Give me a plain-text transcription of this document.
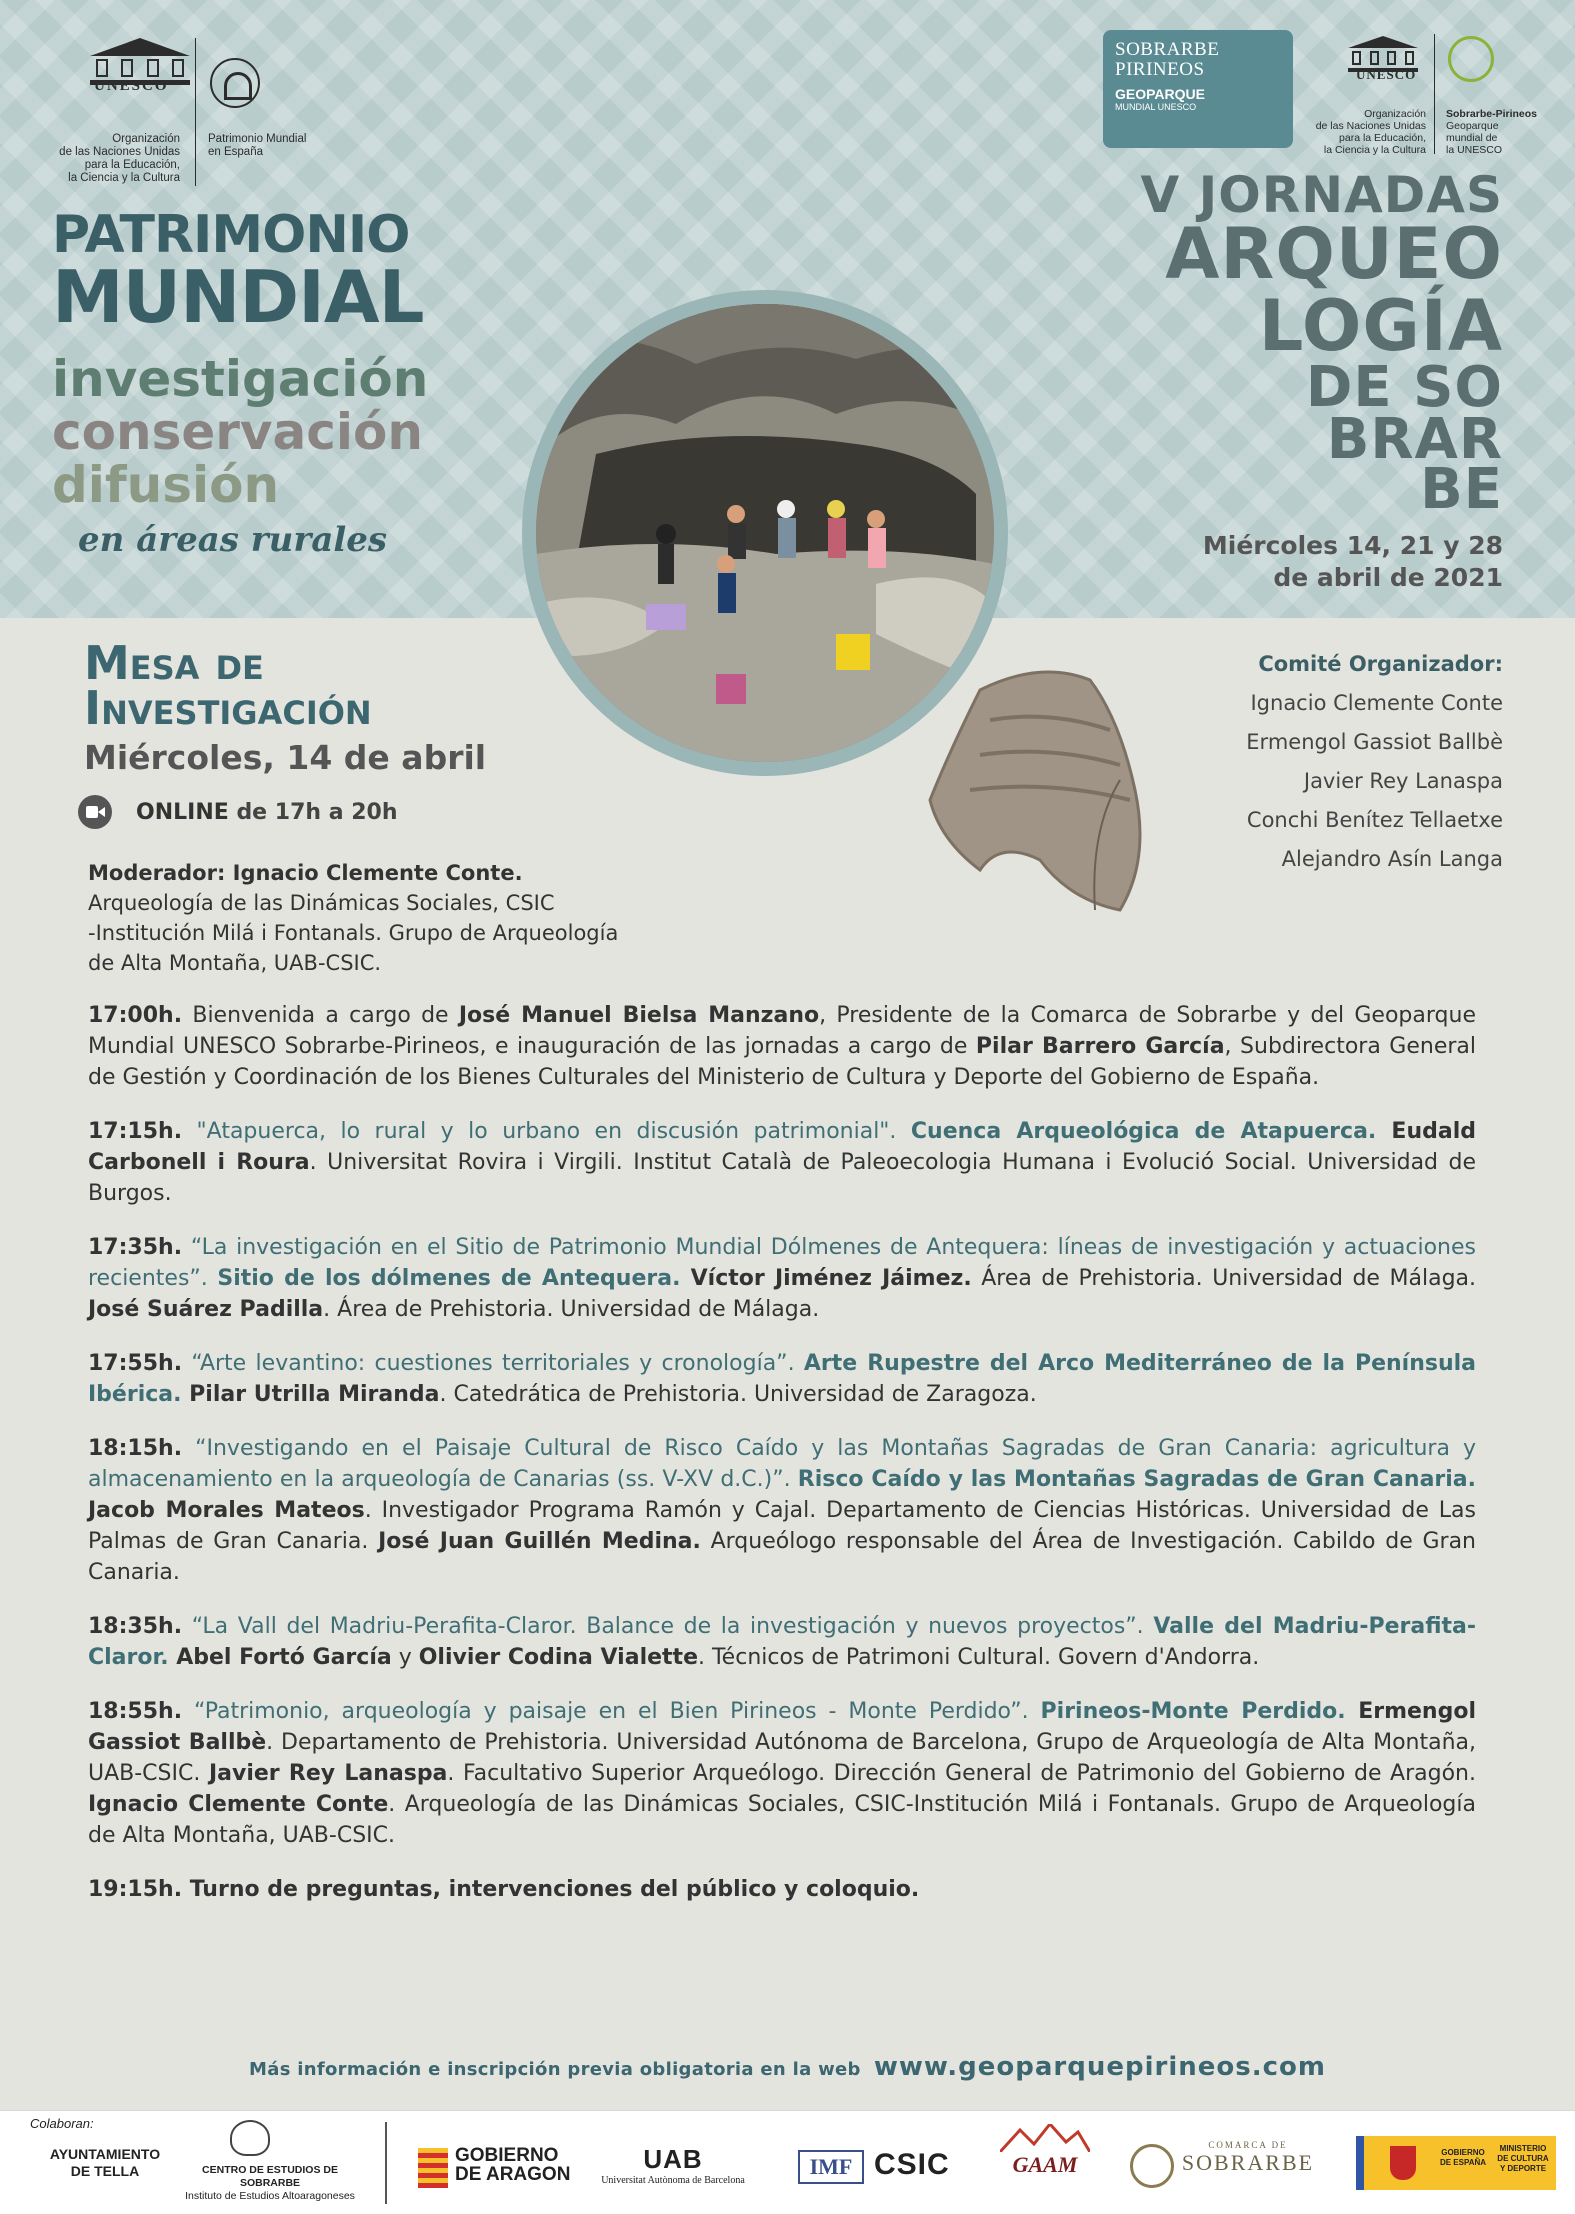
UNESCO
Organización
de las Naciones Unidas
para la Educación,
la Ciencia y la Cultura
Patrimonio Mundial
en España
PATRIMONIO
MUNDIAL
investigación
conservación
difusión
en áreas rurales
SOBRARBE
PIRINEOS
GEOPARQUE
MUNDIAL UNESCO
UNESCO
Organización
de las Naciones Unidas
para la Educación,
la Ciencia y la Cultura
Sobrarbe-Pirineos
Geoparque
mundial de
la UNESCO
V JORNADAS
ARQUEO
LOGÍA
DE SO
BRAR
BE
Miércoles 14, 21 y 28
de abril de 2021
Mesa de
Investigación
Miércoles, 14 de abril
ONLINE de 17h a 20h
Moderador: Ignacio Clemente Conte.
Arqueología de las Dinámicas Sociales, CSIC
-Institución Milá i Fontanals. Grupo de Arqueología
de Alta Montaña, UAB-CSIC.
Comité Organizador:
Ignacio Clemente Conte
Ermengol Gassiot Ballbè
Javier Rey Lanaspa
Conchi Benítez Tellaetxe
Alejandro Asín Langa

17:00h. Bienvenida a cargo de José Manuel Bielsa Manzano, Presidente de la Comarca de Sobrarbe y del Geoparque Mundial UNESCO Sobrarbe-Pirineos, e inauguración de las jornadas a cargo de Pilar Barrero García, Subdirectora General de Gestión y Coordinación de los Bienes Culturales del Ministerio de Cultura y Deporte del Gobierno de España.

17:15h. "Atapuerca, lo rural y lo urbano en discusión patrimonial". Cuenca Arqueológica de Atapuerca. Eudald Carbonell i Roura. Universitat Rovira i Virgili. Institut Català de Paleoecologia Humana i Evolució Social. Universidad de Burgos.

17:35h. “La investigación en el Sitio de Patrimonio Mundial Dólmenes de Antequera: líneas de investigación y actuaciones recientes”. Sitio de los dólmenes de Antequera. Víctor Jiménez Jáimez. Área de Prehistoria. Universidad de Málaga. José Suárez Padilla. Área de Prehistoria. Universidad de Málaga.

17:55h. “Arte levantino: cuestiones territoriales y cronología”. Arte Rupestre del Arco Mediterráneo de la Península Ibérica. Pilar Utrilla Miranda. Catedrática de Prehistoria. Universidad de Zaragoza.

18:15h. “Investigando en el Paisaje Cultural de Risco Caído y las Montañas Sagradas de Gran Canaria: agricultura y almacenamiento en la arqueología de Canarias (ss. V-XV d.C.)”. Risco Caído y las Montañas Sagradas de Gran Canaria. Jacob Morales Mateos. Investigador Programa Ramón y Cajal. Departamento de Ciencias Históricas. Universidad de Las Palmas de Gran Canaria. José Juan Guillén Medina. Arqueólogo responsable del Área de Investigación. Cabildo de Gran Canaria.

18:35h. “La Vall del Madriu-Perafita-Claror. Balance de la investigación y nuevos proyectos”. Valle del Madriu-Perafita-Claror. Abel Fortó García y Olivier Codina Vialette. Técnicos de Patrimoni Cultural. Govern d'Andorra.

18:55h. “Patrimonio, arqueología y paisaje en el Bien Pirineos - Monte Perdido”. Pirineos-Monte Perdido. Ermengol Gassiot Ballbè. Departamento de Prehistoria. Universidad Autónoma de Barcelona, Grupo de Arqueología de Alta Montaña, UAB-CSIC. Javier Rey Lanaspa. Facultativo Superior Arqueólogo. Dirección General de Patrimonio del Gobierno de Aragón. Ignacio Clemente Conte. Arqueología de las Dinámicas Sociales, CSIC-Institución Milá i Fontanals. Grupo de Arqueología de Alta Montaña, UAB-CSIC.

19:15h. Turno de preguntas, intervenciones del público y coloquio.

Más información e inscripción previa obligatoria en la web www.geoparquepirineos.com
Colaboran:
AYUNTAMIENTO
DE TELLA	CENTRO DE ESTUDIOS DE SOBRARBE
Instituto de Estudios Altoaragoneses
GOBIERNO
DE ARAGON
UAB
Universitat Autònoma de Barcelona
IMF CSIC	GAAM
COMARCA DE
SOBRARBE	GOBIERNO
DE ESPAÑA
MINISTERIO
DE CULTURA
Y DEPORTE
